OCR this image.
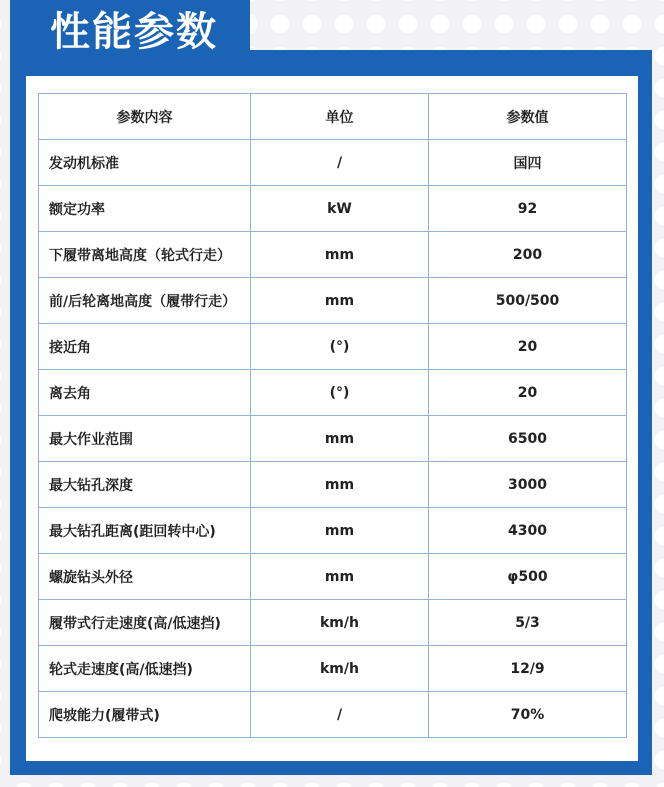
性能参数
参数内容	单位	参数值
发动机标准	/	国四
额定功率	kW	92
下履带离地高度（轮式行走）	mm	200
前/后轮离地高度（履带行走）	mm	500/500
接近角	(°)	20
离去角	(°)	20
最大作业范围	mm	6500
最大钻孔深度	mm	3000
最大钻孔距离(距回转中心)	mm	4300
螺旋钻头外径	mm	φ500
履带式行走速度(高/低速挡)	km/h	5/3
轮式走速度(高/低速挡)	km/h	12/9
爬坡能力(履带式)	/	70%
